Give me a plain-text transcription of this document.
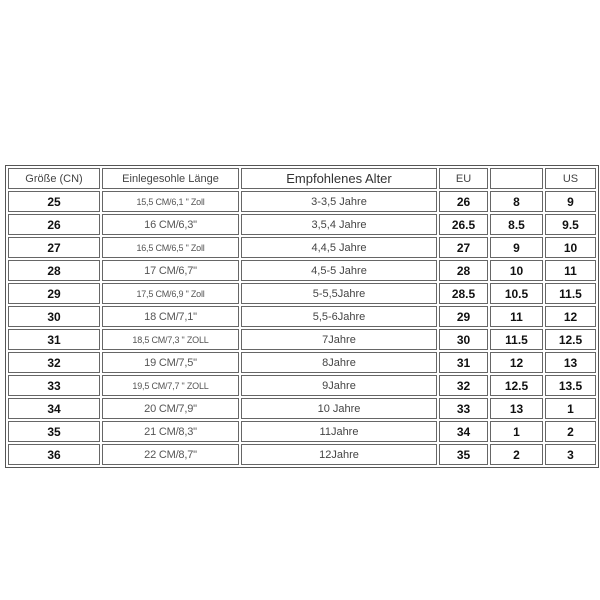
Größe (CN)	Einlegesohle Länge	Empfohlenes Alter	EU		US
25	15,5 CM/6,1 " Zoll	3-3,5 Jahre	26	8	9
26	16 CM/6,3"	3,5,4 Jahre	26.5	8.5	9.5
27	16,5 CM/6,5 " Zoll	4,4,5 Jahre	27	9	10
28	17 CM/6,7"	4,5-5 Jahre	28	10	11
29	17,5 CM/6,9 " Zoll	5-5,5Jahre	28.5	10.5	11.5
30	18 CM/7,1"	5,5-6Jahre	29	11	12
31	18,5 CM/7,3 " ZOLL	7Jahre	30	11.5	12.5
32	19 CM/7,5"	8Jahre	31	12	13
33	19,5 CM/7,7 " ZOLL	9Jahre	32	12.5	13.5
34	20 CM/7,9"	10 Jahre	33	13	1
35	21 CM/8,3"	11Jahre	34	1	2
36	22 CM/8,7"	12Jahre	35	2	3
